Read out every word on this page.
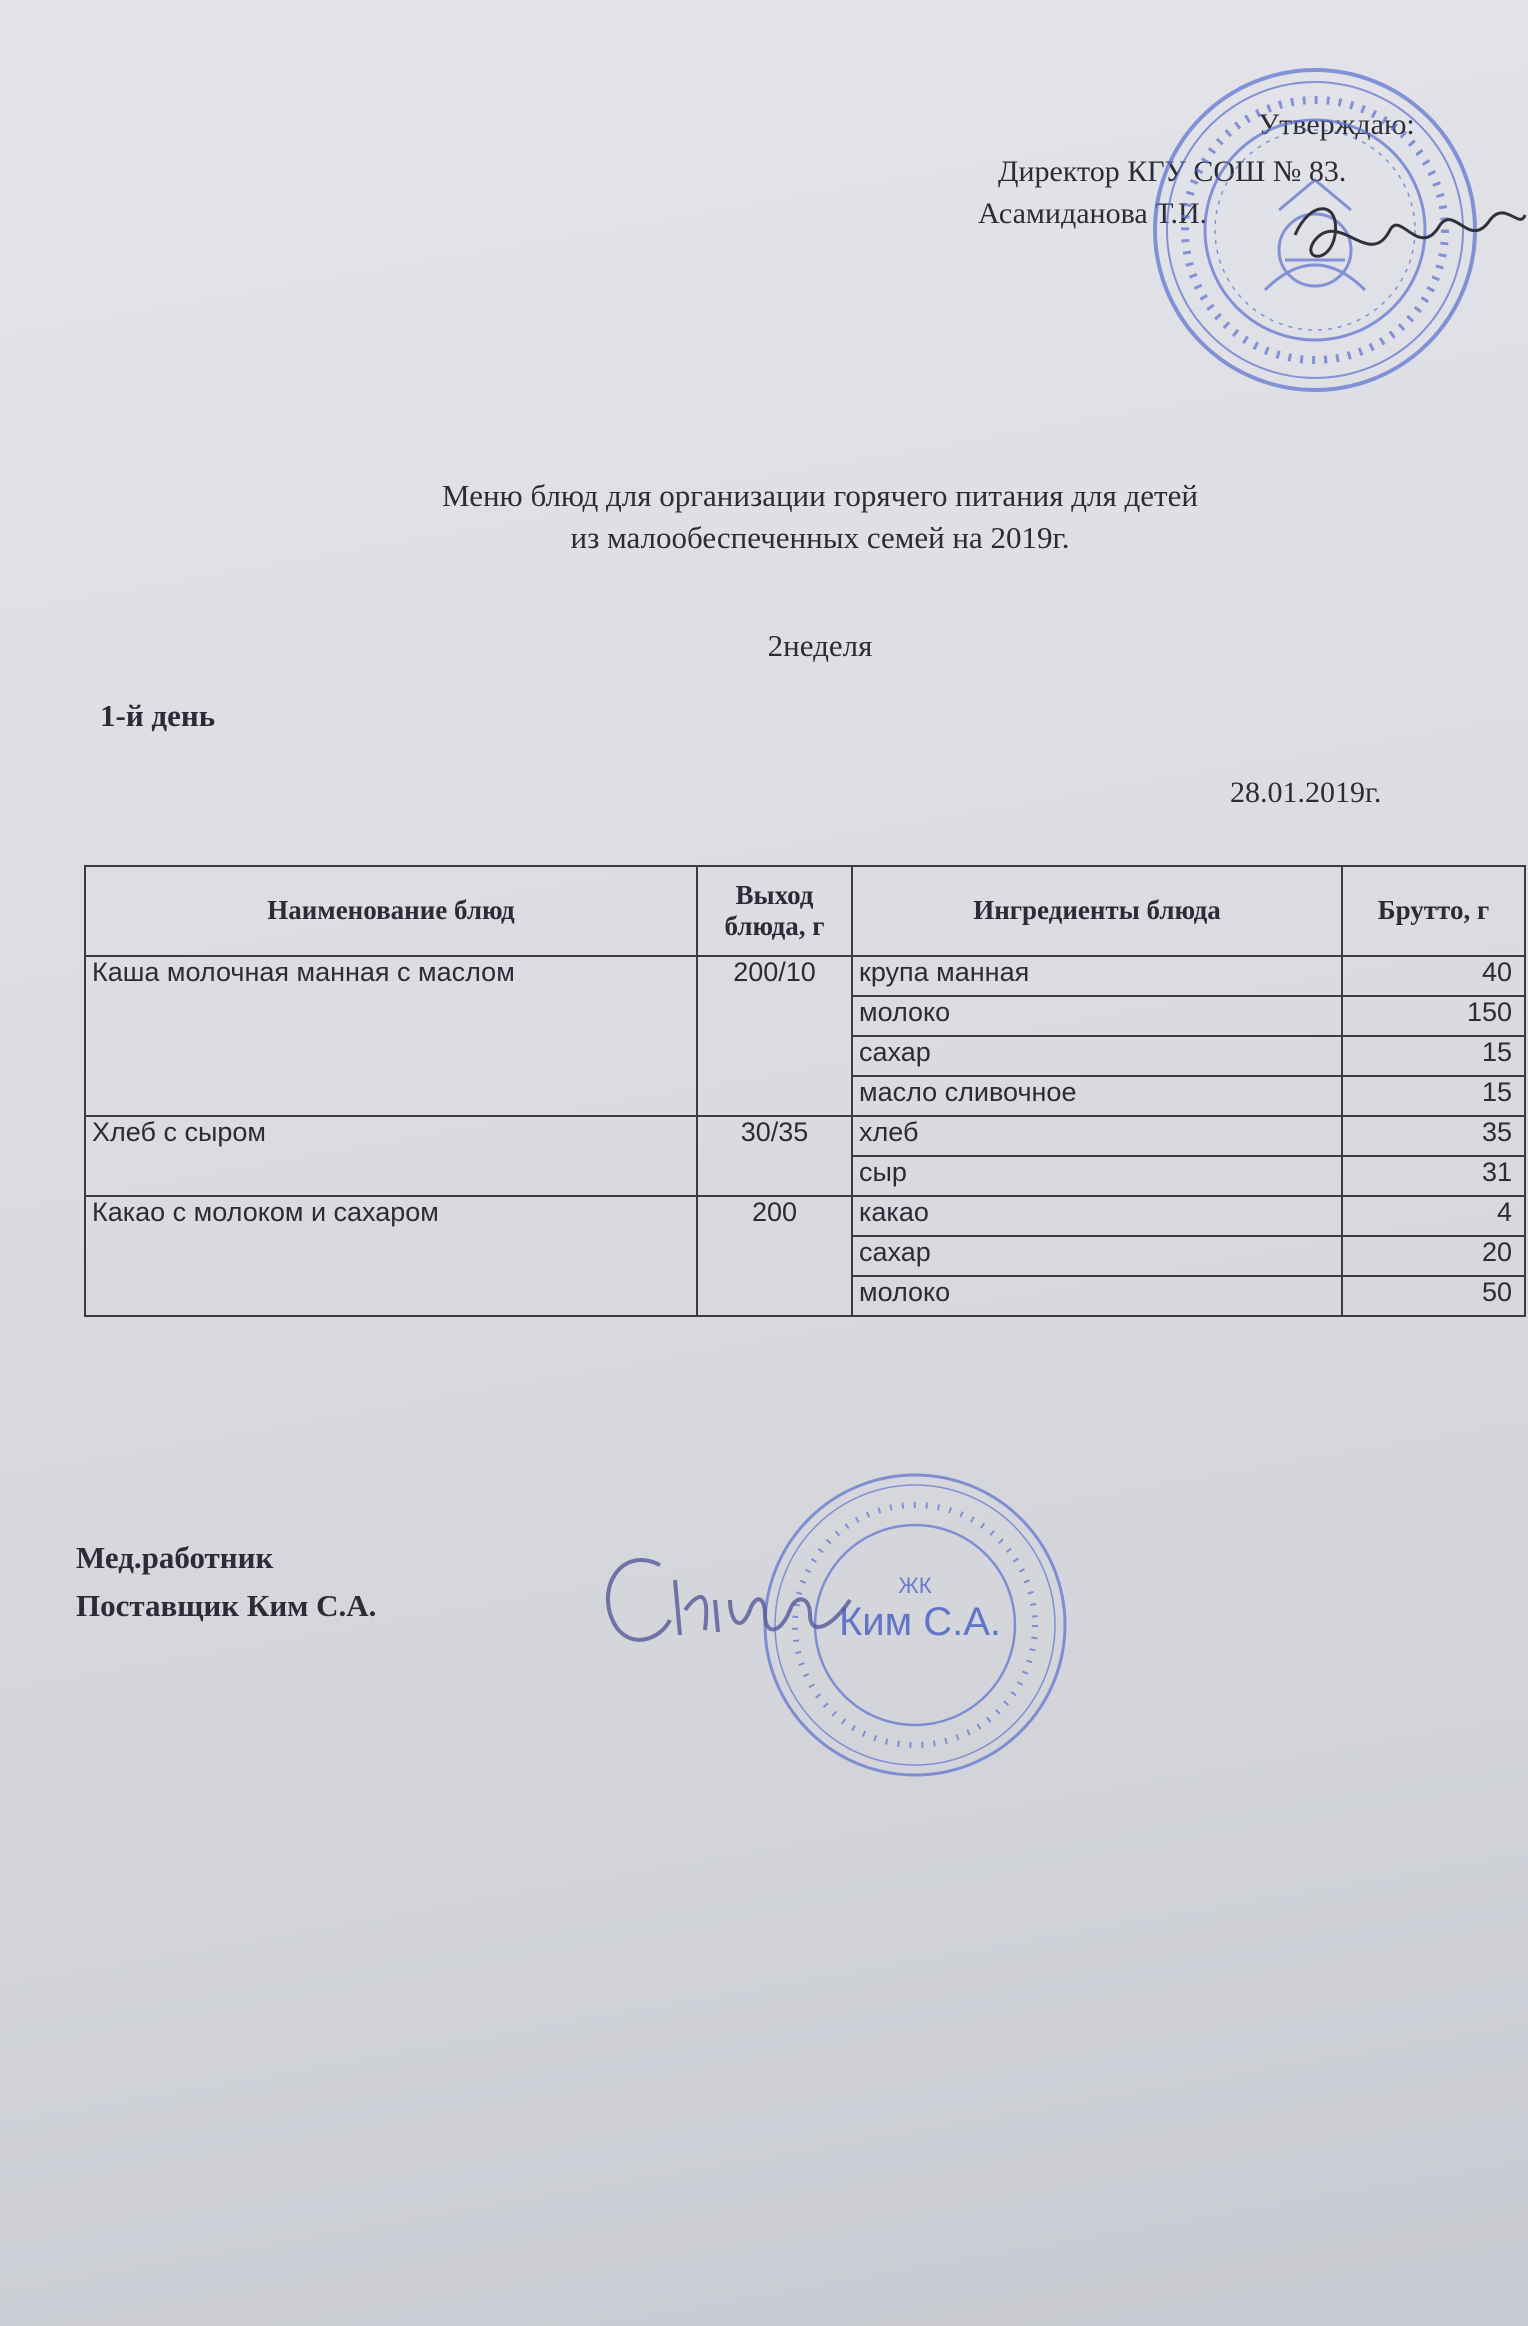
Утверждаю:
Директор КГУ СОШ № 83.
Асамиданова Т.И.
Меню блюд для организации горячего питания для детей
из малообеспеченных семей на 2019г.
2неделя
1-й день
28.01.2019г.
Наименование блюд	Выход блюда, г	Ингредиенты блюда	Брутто, г
Каша молочная манная с маслом	200/10	крупа манная	40
		молоко	150
		сахар	15
		масло сливочное	15
Хлеб с сыром	30/35	хлеб	35
		сыр	31
Какао с молоком и сахаром	200	какао	4
		сахар	20
		молоко	50
Мед.работник
Поставщик Ким С.А.
ЖК
Ким С.А.
